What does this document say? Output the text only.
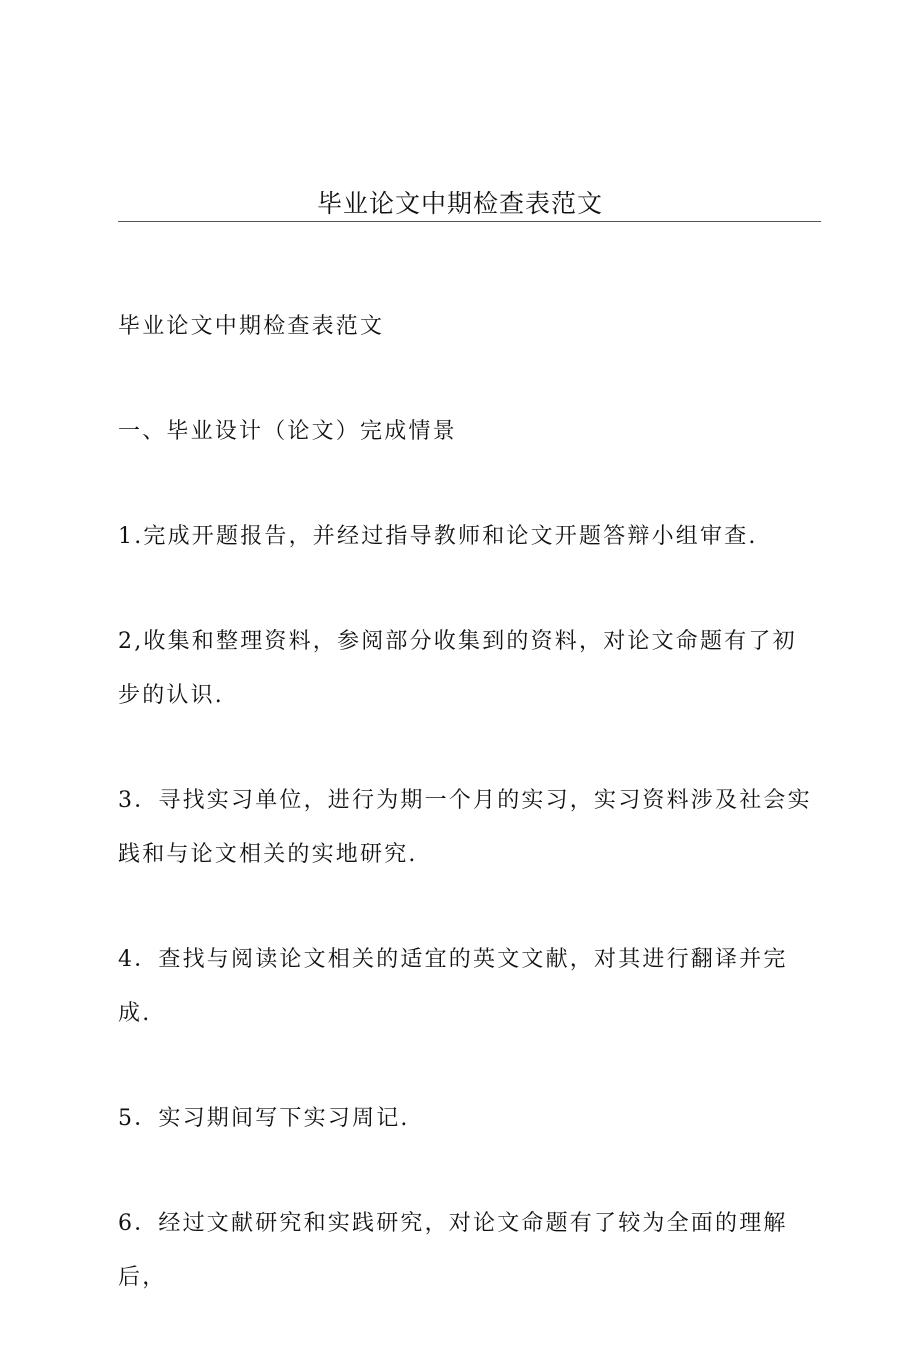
毕业论文中期检查表范文

毕业论文中期检查表范文

一、毕业设计（论文）完成情景

1.完成开题报告，并经过指导教师和论文开题答辩小组审查.

2,收集和整理资料，参阅部分收集到的资料，对论文命题有了初步的认识.

3．寻找实习单位，进行为期一个月的实习，实习资料涉及社会实践和与论文相关的实地研究.

4．查找与阅读论文相关的适宜的英文文献，对其进行翻译并完成.

5．实习期间写下实习周记.

6．经过文献研究和实践研究，对论文命题有了较为全面的理解后，
